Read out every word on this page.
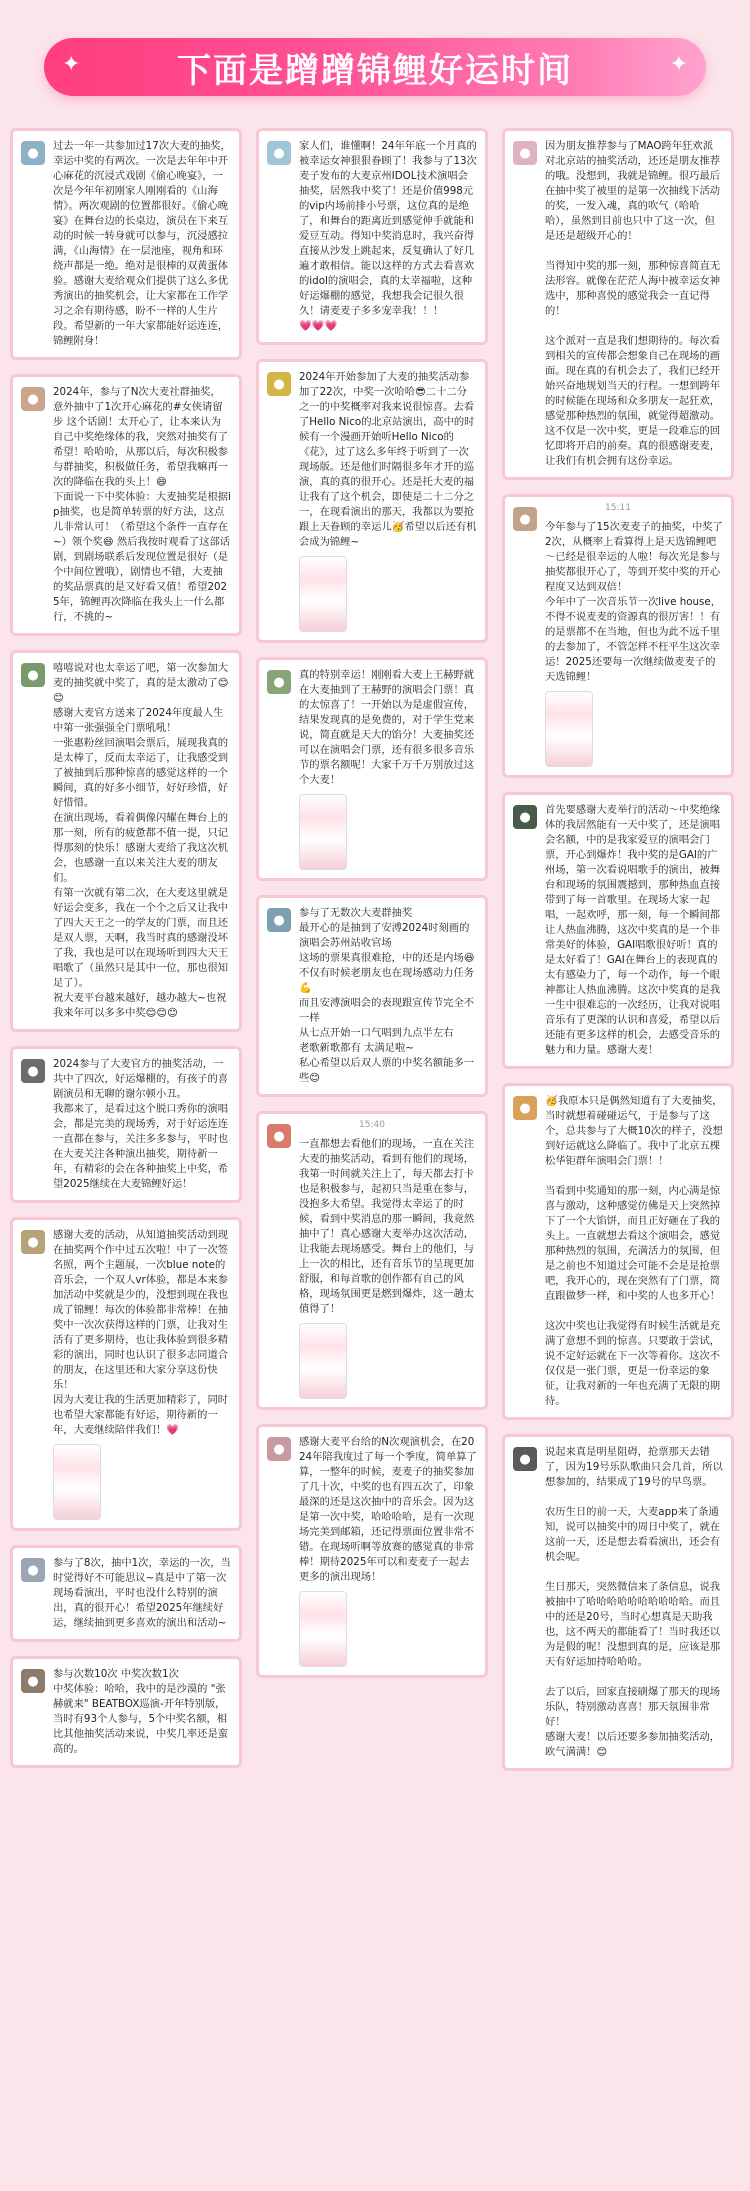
✦	下面是蹭蹭锦鲤好运时间	✦
● 过去一年一共参加过17次大麦的抽奖，幸运中奖的有两次。一次是去年年中开心麻花的沉浸式戏剧《偷心晚宴》，一次是今年年初刚家人刚刚看的《山海情》。两次观剧的位置都很好。《偷心晚宴》在舞台边的长桌边，演员在下来互动的时候一转身就可以参与，沉浸感拉满，《山海情》在一层池座，视角和环绕声都是一绝。绝对是很棒的双黄蛋体验。感谢大麦给观众们提供了这么多优秀演出的抽奖机会，让大家都在工作学习之余有期待感，盼不一样的人生片段。希望新的一年大家都能好运连连，锦鲤附身！
● 2024年，参与了N次大麦社群抽奖，意外抽中了1次开心麻花的#女侠请留步 这个话剧！太开心了，让本来认为自己中奖绝缘体的我，突然对抽奖有了希望！哈哈哈，从那以后，每次积极参与群抽奖，积极做任务，希望我嘛再一次的降临在我的头上！😄
下面说一下中奖体验：大麦抽奖是根据ip抽奖，也是简单转票的好方法，这点儿非常认可！（希望这个条件一直存在~）领个奖😄 然后我按时观看了这部话剧，到剧场联系后发现位置是很好（是个中间位置哦），剧情也不错，大麦抽的奖品票真的是又好看又值！希望2025年，锦鲤再次降临在我头上一什么都行，不挑的~
● 嘻嘻说对也太幸运了吧，第一次参加大麦的抽奖就中奖了，真的是太激动了😊😊
感谢大麦官方送来了2024年度最人生中第一张强强全门票吼吼！
一张惠粉丝回演唱会票后，展现我真的是太棒了，反而太幸运了，让我感受到了被抽到后那种惊喜的感觉这样的一个瞬间，真的好多小细节，好好珍惜，好好惜惜。
在演出现场，看着偶像闪耀在舞台上的那一刻，所有的疲惫都不值一提，只记得那刻的快乐！感谢大麦给了我这次机会，也感谢一直以来关注大麦的朋友们。
有第一次就有第二次，在大麦这里就是好运会变多，我在一个个之后又让我中了四大天王之一的学友的门票，而且还是双人票，天啊，我当时真的感谢没坏了我，我也是可以在现场听到四大天王唱歌了（虽然只是其中一位，那也很知足了）。
祝大麦平台越来越好，越办越大~也祝我来年可以多多中奖😊😊😊
● 2024参与了大麦官方的抽奖活动，一共中了四次，好运爆棚的，有孩子的喜剧演员和无聊的谢尔顿小丑。
我都来了，是看过这个脱口秀你的演唱会，都是完美的现场秀，对于好运连连一直都在参与，关注多多参与，平时也在大麦关注各种演出抽奖，期待新一年，有精彩的会在各种抽奖上中奖，希望2025继续在大麦锦鲤好运！
● 感谢大麦的活动，从知道抽奖活动到现在抽奖两个作中过五次啦！中了一次签名照，两个主题展，一次blue note的音乐会，一个双人vr体验，都是本来参加活动中奖就是少的，没想到现在我也成了锦鲤！每次的体验都非常棒！在抽奖中一次次获得这样的门票，让我对生活有了更多期待，也让我体验到很多精彩的演出，同时也认识了很多志同道合的朋友，在这里还和大家分享这份快乐！
因为大麦让我的生活更加精彩了，同时也希望大家都能有好运，期待新的一年，大麦继续陪伴我们！💗
● 参与了8次，抽中1次，幸运的一次，当时觉得好不可能思议~真是中了第一次现场看演出，平时也没什么特别的演出，真的很开心！希望2025年继续好运，继续抽到更多喜欢的演出和活动~
● 参与次数10次 中奖次数1次
中奖体验：哈哈，我中的是沙漠的 "张赫就来" BEATBOX巡演-开年特别版，当时有93个人参与，5个中奖名额，相比其他抽奖活动来说，中奖几率还是蛮高的。
● 家人们，谁懂啊！24年年底一个月真的被幸运女神狠狠眷顾了！我参与了13次麦子发布的大麦京州IDOL技术演唱会抽奖，居然我中奖了！还是价值998元的vip内场前排小号票，这位真的是绝了，和舞台的距离近到感觉伸手就能和爱豆互动。得知中奖消息时，我兴奋得直接从沙发上跳起来，反复确认了好几遍才敢相信。能以这样的方式去看喜欢的idol的演唱会，真的太幸福啦，这种好运爆棚的感觉，我想我会记很久很久！请麦麦子多多宠幸我！！！
💗💗💗
● 2024年开始参加了大麦的抽奖活动参加了22次，中奖一次哈哈😎二十二分之一的中奖概率对我来说很惊喜。去看了Hello Nico的北京站演出，高中的时候有一个漫画开始听Hello Nico的《花》，过了这么多年终于听到了一次现场版。还是他们时隔很多年才开的巡演，真的真的很开心。还是托大麦的福让我有了这个机会，即使是二十二分之一，在现看演出的那天，我都以为要抢跟上天眷顾的幸运儿🥳希望以后还有机会成为锦鲤~
● 真的特别幸运！刚刚看大麦上王赫野就在大麦抽到了王赫野的演唱会门票！真的太惊喜了！一开始以为是虚假宣传，结果发现真的是免费的，对于学生党来说，简直就是天大的馅分！大麦抽奖还可以在演唱会门票，还有很多很多音乐节的票名额呢！大家千万千万别放过这个大麦！
● 参与了无数次大麦群抽奖
最开心的是抽到了安溥2024时刻画的演唱会苏州站收官场
这场的票果真很难抢，中的还是内场😆 不仅有时候老朋友也在现场感动力任务💪
而且安溥演唱会的表现跟宣传节完全不一样
从七点开始一口气唱到九点半左右
老歌新歌都有 太满足啦~
私心希望以后双人票的中奖名额能多一些😊
15:40
●
一直都想去看他们的现场，一直在关注大麦的抽奖活动，看到有他们的现场，我第一时间就关注上了，每天都去打卡也是积极参与，起初只当是重在参与，没抱多大希望。我觉得太幸运了的时候，看到中奖消息的那一瞬间，我竟然抽中了！真心感谢大麦举办这次活动，让我能去现场感受。舞台上的他们，与上一次的相比，还有音乐节的呈现更加舒服，和每首歌的创作都有自己的风格，现场氛围更是燃到爆炸，这一趟太值得了！
● 感谢大麦平台给的N次观演机会，在2024年陪我度过了每一个季度，简单算了算，一整年的时候，麦麦子的抽奖参加了几十次，中奖的也有四五次了，印象最深的还是这次抽中的音乐会。因为这是第一次中奖，哈哈哈哈，是有一次现场完美到邮箱，还记得票面位置非常不错。在现场听啊等放赛的感觉真的非常棒！期待2025年可以和麦麦子一起去更多的演出现场！
● 因为朋友推荐参与了MAO跨年狂欢派对北京站的抽奖活动，还还是朋友推荐的哦。没想到，我就是锦鲤。很巧最后在抽中奖了被里的是第一次抽线下活动的奖，一发入魂，真的吹气（哈哈哈），虽然到目前也只中了这一次，但是还是超级开心的！

当得知中奖的那一刻，那种惊喜简直无法形容。就像在茫茫人海中被幸运女神选中，那种喜悦的感觉我会一直记得的！

这个派对一直是我们想期待的。每次看到相关的宣传都会想象自己在现场的画面。现在真的有机会去了，我们已经开始兴奋地规划当天的行程。一想到跨年的时候能在现场和众多朋友一起狂欢，感觉那种热烈的氛围，就觉得超激动。这不仅是一次中奖，更是一段难忘的回忆即将开启的前奏。真的很感谢麦麦，让我们有机会拥有这份幸运。
15:11
●
今年参与了15次麦麦子的抽奖，中奖了2次，从概率上看算得上是天选锦鲤吧～已经是很幸运的人啦！每次光是参与抽奖都很开心了，等到开奖中奖的开心程度又达到双倍！
今年中了一次音乐节一次live house，不得不说麦麦的资源真的很厉害！！有的是票都不在当地，但也为此不远千里的去参加了，不管怎样不枉平生这次幸运！2025还要每一次继续做麦麦子的天选锦鲤！
● 首先要感谢大麦举行的活动～中奖绝缘体的我居然能有一天中奖了，还是演唱会名额，中的是我家爱豆的演唱会门票，开心到爆炸！我中奖的是GAI的广州场，第一次看说唱歌手的演出，被舞台和现场的氛围震撼到，那种热血直接带到了每一首歌里。在现场大家一起唱，一起欢呼，那一刻，每一个瞬间都让人热血沸腾，这次中奖真的是一个非常美好的体验，GAI唱歌很好听！真的是太好看了！GAI在舞台上的表现真的太有感染力了，每一个动作，每一个眼神都让人热血沸腾。这次中奖真的是我一生中很难忘的一次经历，让我对说唱音乐有了更深的认识和喜爱，希望以后还能有更多这样的机会，去感受音乐的魅力和力量。感谢大麦！
● 🥳我原本只是偶然知道有了大麦抽奖，当时就想着碰碰运气，于是参与了这个，总共参与了大概10次的样子，没想到好运就这么降临了。我中了北京五棵松华钜群年演唱会门票！！

当看到中奖通知的那一刻，内心满是惊喜与激动，这种感觉仿佛是天上突然掉下了一个大馅饼，而且正好砸在了我的头上。一直就想去看这个演唱会，感觉那种热烈的氛围，充满活力的氛围，但是之前也不知道过会可能不会是是抢票吧，我开心的，现在突然有了门票，简直跟做梦一样，和中奖的人也多开心！

这次中奖也让我觉得有时候生活就是充满了意想不到的惊喜。只要敢于尝试，说不定好运就在下一次等着你。这次不仅仅是一张门票，更是一份幸运的象征，让我对新的一年也充满了无限的期待。
● 说起来真是明星阻碍，抢票那天去错了，因为19号乐队歌曲只会几首，所以想参加的，结果成了19号的早鸟票。

农历生日的前一天，大麦app来了条通知，说可以抽奖中的周日中奖了，就在这前一天，还是想去看看演出，还会有机会呢。

生日那天，突然微信来了条信息，说我被抽中了哈哈哈哈哈哈哈哈哈哈。而且中的还是20号，当时心想真是天助我也，这不两天的都能看了！当时我还以为是假的呢！没想到真的是，应该是那天有好运加持哈哈哈。

去了以后，回家直接刷爆了那天的现场乐队，特别激动喜喜！那天氛围非常好！
感谢大麦！以后还要多参加抽奖活动，欧气满满！😊
